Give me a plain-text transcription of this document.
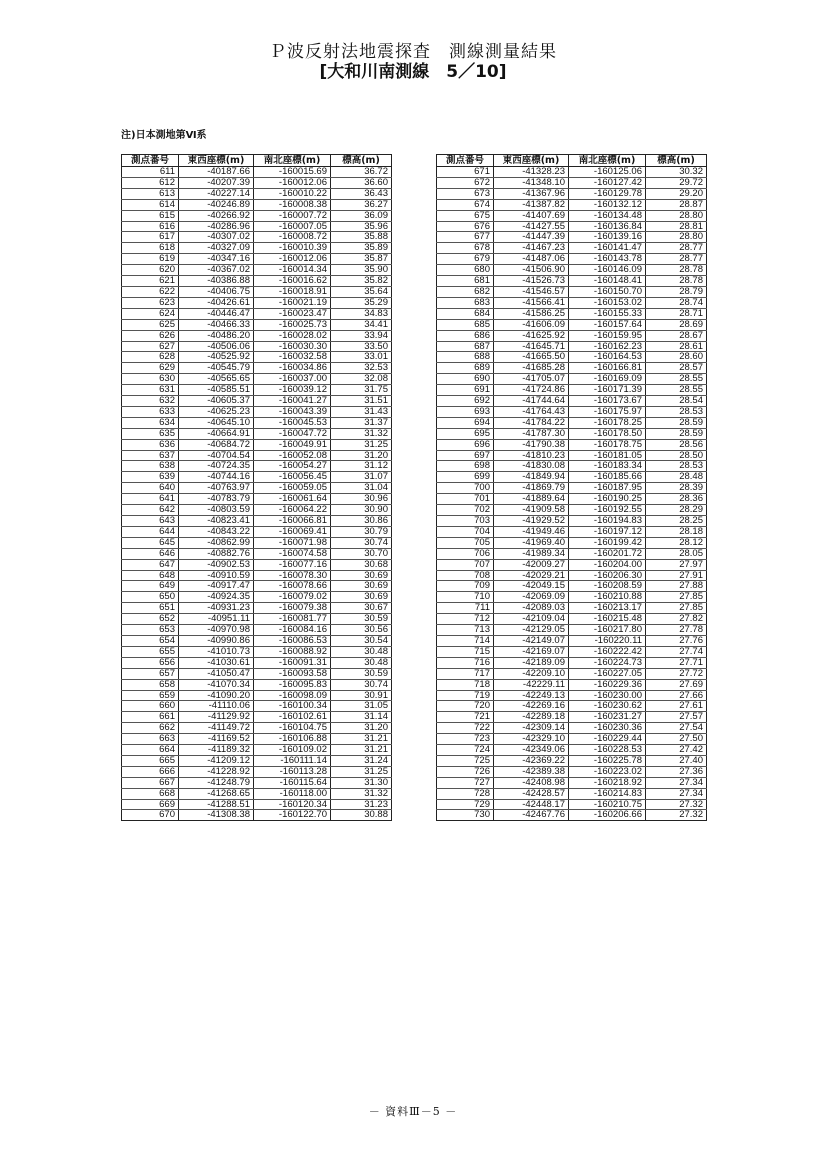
Ｐ波反射法地震探査　測線測量結果
[大和川南測線　5／10]
注)日本測地第Ⅵ系
測点番号	東西座標(m)	南北座標(m)	標高(m)
611	-40187.66	-160015.69	36.72
612	-40207.39	-160012.06	36.60
613	-40227.14	-160010.22	36.43
614	-40246.89	-160008.38	36.27
615	-40266.92	-160007.72	36.09
616	-40286.96	-160007.05	35.96
617	-40307.02	-160008.72	35.88
618	-40327.09	-160010.39	35.89
619	-40347.16	-160012.06	35.87
620	-40367.02	-160014.34	35.90
621	-40386.88	-160016.62	35.82
622	-40406.75	-160018.91	35.64
623	-40426.61	-160021.19	35.29
624	-40446.47	-160023.47	34.83
625	-40466.33	-160025.73	34.41
626	-40486.20	-160028.02	33.94
627	-40506.06	-160030.30	33.50
628	-40525.92	-160032.58	33.01
629	-40545.79	-160034.86	32.53
630	-40565.65	-160037.00	32.08
631	-40585.51	-160039.12	31.75
632	-40605.37	-160041.27	31.51
633	-40625.23	-160043.39	31.43
634	-40645.10	-160045.53	31.37
635	-40664.91	-160047.72	31.32
636	-40684.72	-160049.91	31.25
637	-40704.54	-160052.08	31.20
638	-40724.35	-160054.27	31.12
639	-40744.16	-160056.45	31.07
640	-40763.97	-160059.05	31.04
641	-40783.79	-160061.64	30.96
642	-40803.59	-160064.22	30.90
643	-40823.41	-160066.81	30.86
644	-40843.22	-160069.41	30.79
645	-40862.99	-160071.98	30.74
646	-40882.76	-160074.58	30.70
647	-40902.53	-160077.16	30.68
648	-40910.59	-160078.30	30.69
649	-40917.47	-160078.66	30.69
650	-40924.35	-160079.02	30.69
651	-40931.23	-160079.38	30.67
652	-40951.11	-160081.77	30.59
653	-40970.98	-160084.16	30.56
654	-40990.86	-160086.53	30.54
655	-41010.73	-160088.92	30.48
656	-41030.61	-160091.31	30.48
657	-41050.47	-160093.58	30.59
658	-41070.34	-160095.83	30.74
659	-41090.20	-160098.09	30.91
660	-41110.06	-160100.34	31.05
661	-41129.92	-160102.61	31.14
662	-41149.72	-160104.75	31.20
663	-41169.52	-160106.88	31.21
664	-41189.32	-160109.02	31.21
665	-41209.12	-160111.14	31.24
666	-41228.92	-160113.28	31.25
667	-41248.79	-160115.64	31.30
668	-41268.65	-160118.00	31.32
669	-41288.51	-160120.34	31.23
670	-41308.38	-160122.70	30.88
測点番号	東西座標(m)	南北座標(m)	標高(m)
671	-41328.23	-160125.06	30.32
672	-41348.10	-160127.42	29.72
673	-41367.96	-160129.78	29.20
674	-41387.82	-160132.12	28.87
675	-41407.69	-160134.48	28.80
676	-41427.55	-160136.84	28.81
677	-41447.39	-160139.16	28.80
678	-41467.23	-160141.47	28.77
679	-41487.06	-160143.78	28.77
680	-41506.90	-160146.09	28.78
681	-41526.73	-160148.41	28.78
682	-41546.57	-160150.70	28.79
683	-41566.41	-160153.02	28.74
684	-41586.25	-160155.33	28.71
685	-41606.09	-160157.64	28.69
686	-41625.92	-160159.95	28.67
687	-41645.71	-160162.23	28.61
688	-41665.50	-160164.53	28.60
689	-41685.28	-160166.81	28.57
690	-41705.07	-160169.09	28.55
691	-41724.86	-160171.39	28.55
692	-41744.64	-160173.67	28.54
693	-41764.43	-160175.97	28.53
694	-41784.22	-160178.25	28.59
695	-41787.30	-160178.50	28.59
696	-41790.38	-160178.75	28.56
697	-41810.23	-160181.05	28.50
698	-41830.08	-160183.34	28.53
699	-41849.94	-160185.66	28.48
700	-41869.79	-160187.95	28.39
701	-41889.64	-160190.25	28.36
702	-41909.58	-160192.55	28.29
703	-41929.52	-160194.83	28.25
704	-41949.46	-160197.12	28.18
705	-41969.40	-160199.42	28.12
706	-41989.34	-160201.72	28.05
707	-42009.27	-160204.00	27.97
708	-42029.21	-160206.30	27.91
709	-42049.15	-160208.59	27.88
710	-42069.09	-160210.88	27.85
711	-42089.03	-160213.17	27.85
712	-42109.04	-160215.48	27.82
713	-42129.05	-160217.80	27.78
714	-42149.07	-160220.11	27.76
715	-42169.07	-160222.42	27.74
716	-42189.09	-160224.73	27.71
717	-42209.10	-160227.05	27.72
718	-42229.11	-160229.36	27.69
719	-42249.13	-160230.00	27.66
720	-42269.16	-160230.62	27.61
721	-42289.18	-160231.27	27.57
722	-42309.14	-160230.36	27.54
723	-42329.10	-160229.44	27.50
724	-42349.06	-160228.53	27.42
725	-42369.22	-160225.78	27.40
726	-42389.38	-160223.02	27.36
727	-42408.98	-160218.92	27.34
728	-42428.57	-160214.83	27.34
729	-42448.17	-160210.75	27.32
730	-42467.76	-160206.66	27.32
－ 資料Ⅲ－5 －
